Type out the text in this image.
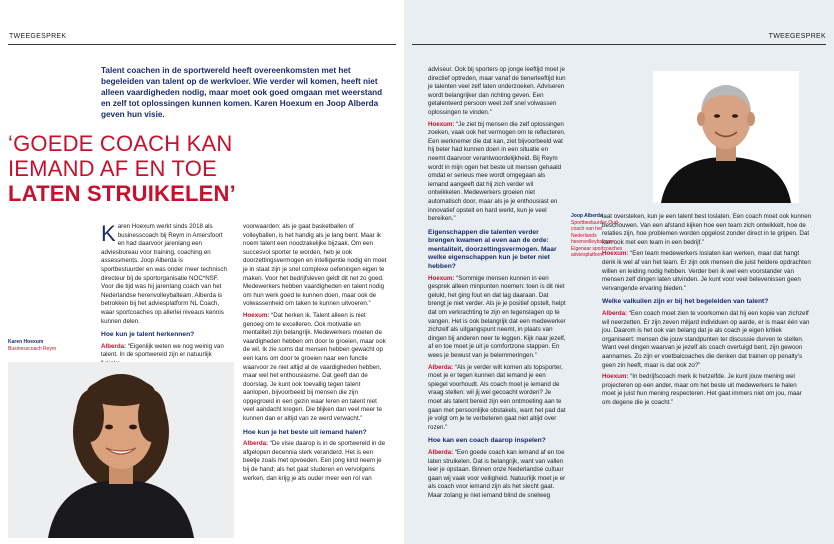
TWEEGESPREK
Talent coachen in de sportwereld heeft overeenkomsten met het begeleiden van talent op de werkvloer. Wie verder wil komen, heeft niet alleen vaardigheden nodig, maar moet ook goed omgaan met weerstand en zelf tot oplossingen kunnen komen. Karen Hoexum en Joop Alberda geven hun visie.
‘GOEDE COACH KAN
IEMAND AF EN TOE
LATEN STRUIKELEN’

Karen Hoexum werkt sinds 2018 als businesscoach bij Reym in Amersfoort en had daarvoor jarenlang een adviesbureau voor training, coaching en assessments. Joop Alberda is sportbestuurder en was onder meer technisch directeur bij de sportorganisatie NOC*NSF. Voor die tijd was hij jarenlang coach van het Nederlandse herenvolleybalteam. Alberda is betrokken bij het adviesplatform NL Coach, waar sportcoaches op allerlei niveaus kennis kunnen delen.

Hoe kun je talent herkennen?

Alberda: “Eigenlijk weten we nog weinig van talent. In de sportwereld zijn er natuurlijk

Karen Hoexum
Businesscoach Reym

voorwaarden: als je gaat basketballen of volleyballen, is het handig als je lang bent. Maar ik noem talent een noodzakelijke bijzaak. Om een succesvol sporter te worden, heb je ook doorzettingsvermogen en intelligentie nodig en moet je in staat zijn je snel complexe oefeningen eigen te maken. Voor het bedrijfsleven geldt dit net zo goed. Medewerkers hebben vaardigheden en talent nodig om hun werk goed te kunnen doen, maar ook de volwassenheid om taken te kunnen uitvoeren.”

Hoexum: “Dat herken ik. Talent alleen is niet genoeg om te excelleren. Ook motivatie en mentaliteit zijn belangrijk. Medewerkers moeten de vaardigheden hebben om door te groeien, maar ook de wil. Ik zie soms dat mensen hebben gewacht op een kans om door te groeien naar een functie waarvoor ze niet altijd al de vaardigheden hebben, maar wel het enthousiasme. Dat geeft dan de doorslag. Je kunt ook toevallig tegen talent aanlopen, bijvoorbeeld bij mensen die zijn opgegroeid in een gezin waar leren en talent niet veel aandacht kregen. Die blijken dan veel meer te kunnen dan er altijd van ze werd verwacht.”

Hoe kun je het beste uit iemand halen?

Alberda: “De visie daarop is in de sportwereld in de afgelopen decennia sterk veranderd. Het is een beetje zoals met opvoeden. Een jong kind neem je bij de hand; als het gaat studeren en vervolgens werken, dan krijg je als ouder meer een rol van

TWEEGESPREK

adviseur. Ook bij sporters op jonge leeftijd moet je directief optreden, maar vanaf de tienerleeftijd kun je talenten veel zelf laten onderzoeken. Adviseren wordt belangrijker dan richting geven. Een getalenteerd persoon weet zelf snel volwassen oplossingen te vinden.”

Hoexum: “Je ziet bij mensen die zelf oplossingen zoeken, vaak ook het vermogen om te reflecteren. Een werknemer die dat kan, ziet bijvoorbeeld wat hij beter had kunnen doen in een situatie en neemt daarvoor verantwoordelijkheid. Bij Reym wordt in mijn ogen het beste uit mensen gehaald omdat er serieus mee wordt omgegaan als iemand aangeeft dat hij zich verder wil ontwikkelen. Medewerkers groeien niet automatisch door, maar als je je enthousiast en innovatief opstelt en hard werkt, kun je veel bereiken.”

Eigenschappen die talenten verder brengen kwamen al even aan de orde: mentaliteit, doorzettingsvermogen. Maar welke eigenschappen kun je beter niet hebben?

Hoexum: “Sommige mensen kunnen in een gesprek alleen minpunten noemen: toen is dit niet gelukt, het ging fout en dat lag daaraan. Dat brengt je niet verder. Als je je positief opstelt, helpt dat om verkrachting te zijn en tegenslagen op te vangen. Het is ook belangrijk dat een medewerker zichzelf als uitgangspunt neemt, in plaats van dingen bij anderen neer te leggen. Kijk naar jezelf, af en toe moet je uit je comfortzone stappen. En wees je bewust van je belemmeringen.”

Alberda: “Als je verder wilt komen als topsporter, moet je er tegen kunnen dat iemand je een spiegel voorhoudt. Als coach moet je iemand de vraag stellen: wil jij wel gecoacht worden? Je moet als talent bereid zijn een ontmoeting aan te gaan met persoonlijke obstakels, want het pad dat je volgt om je te verbeteren gaat niet altijd over rozen.”

Hoe kan een coach daarop inspelen?

Alberda: “Een goede coach kan iemand af en toe laten struikelen. Dat is belangrijk, want van vallen leer je opstaan. Binnen onze Nederlandse cultuur gaan wij vaak voor veiligheid. Natuurlijk moet je er als coach voor iemand zijn als het slecht gaat. Maar zolang je niet iemand blind de snelweg

Joop Alberda
Sportbestuurder Oud-coach van het Nederlands herenvolleybalteam Eigenaar sportcoaches adviesplatform

laat oversteken, kun je een talent best loslaten. Een coach moet ook kunnen beschouwen. Van een afstand kijken hoe een team zich ontwikkelt, hoe de relaties zijn, hoe problemen worden opgelost zonder direct in te grijpen. Dat kan ook met een team in een bedrijf.”

Hoexum: “Een team medewerkers loslaten kan werken, maar dat hangt denk ik wel af van het team. Er zijn ook mensen die juist heldere opdrachten willen en leiding nodig hebben. Verder ben ik wel een voorstander van mensen zelf dingen laten uitvinden. Je kunt voor veel belevenissen geen vervangende ervaring bieden.”

Welke valkuilen zijn er bij het begeleiden van talent?

Alberda: “Een coach moet zien te voorkomen dat hij een kopie van zichzelf wil neerzetten. Er zijn zeven miljard individuen op aarde, er is maar één van jou. Daarom is het ook van belang dat je als coach je eigen kritiek organiseert: mensen die jouw standpunten ter discussie durven te stellen. Want veel dingen waarvan je jezelf als coach overtuigd bent, zijn gewoon aannames. Zo zijn er voetbalcoaches die denken dat trainen op penalty’s geen zin heeft, maar is dat ook zo?”

Hoexum: “In bedrijfscoach merk ik hetzelfde. Je kunt jouw mening wel projecteren op een ander, maar om het beste uit medewerkers te halen moet je juist hun mening respecteren. Het gaat immers niet om jou, maar om degene die je coacht.”
